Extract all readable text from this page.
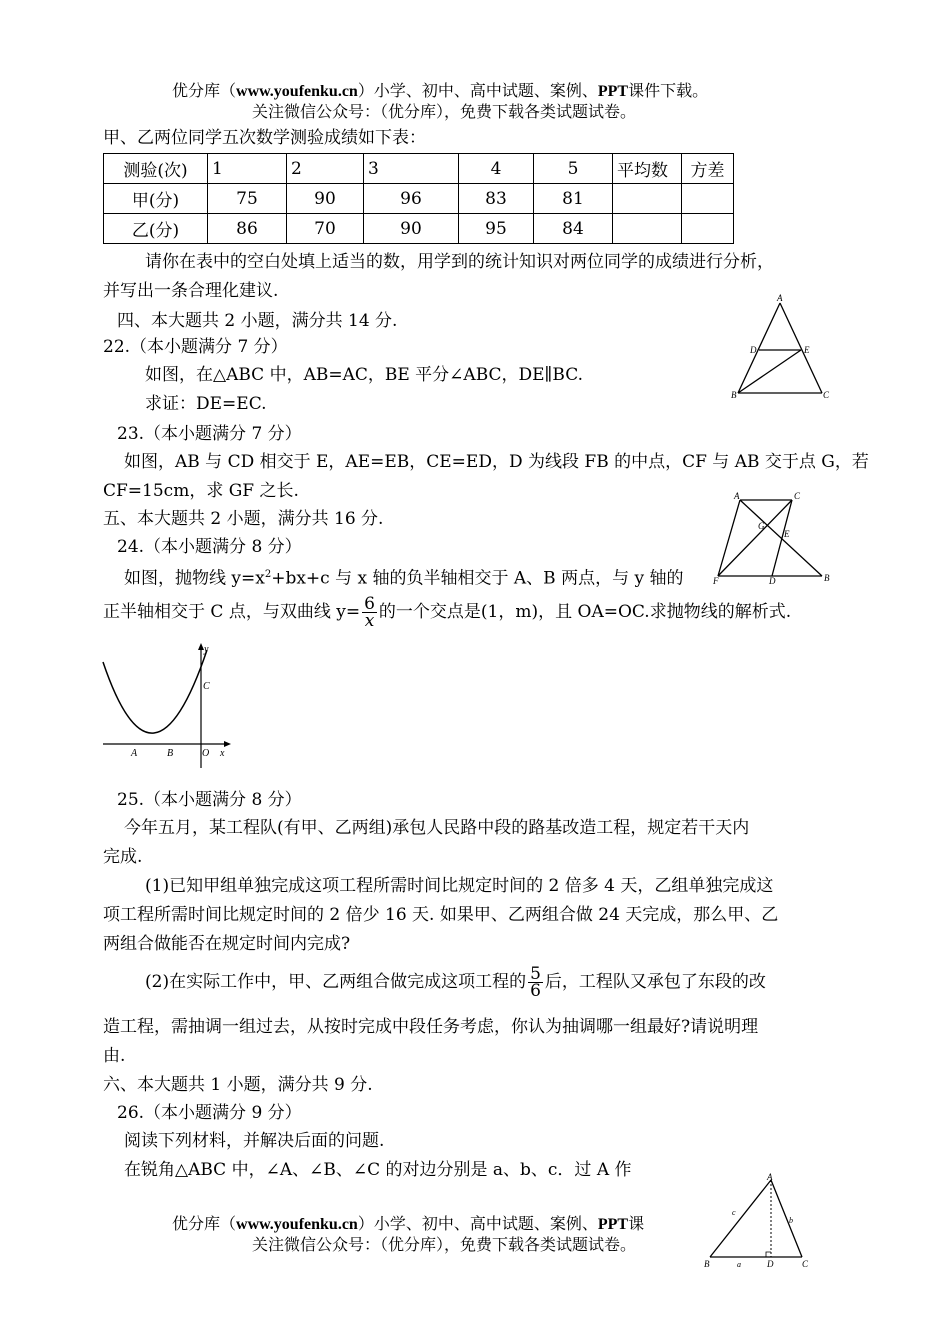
优分库（www.youfenku.cn）小学、初中、高中试题、案例、PPT课件下载。
关注微信公众号：（优分库），免费下载各类试题试卷。
甲、乙两位同学五次数学测验成绩如下表：
测验(次)	1	2	3	4	5	平均数	方差
甲(分)	75	90	96	83	81		
乙(分)	86	70	90	95	84		
请你在表中的空白处填上适当的数，用学到的统计知识对两位同学的成绩进行分析，
并写出一条合理化建议.
四、本大题共 2 小题，满分共 14 分.
22.（本小题满分 7 分）
如图，在△ABC 中，AB=AC，BE 平分∠ABC，DE∥BC.
求证：DE=EC.
A
D	E
B	C
23.（本小题满分 7 分）
如图，AB 与 CD 相交于 E，AE=EB，CE=ED，D 为线段 FB 的中点，CF 与 AB 交于点 G，若
CF=15cm，求 GF 之长.
五、本大题共 2 小题，满分共 16 分.
24.（本小题满分 8 分）
A	C
G
E
F	D	B
如图，抛物线 $y=x^2+bx+c$ 与 x 轴的负半轴相交于 A、B 两点，与 y 轴的
正半轴相交于 C 点，与双曲线 $y= \frac{6}{x}$ 的一个交点是(1，m)，且 OA=OC.求抛物线的解析式.
y
C
A	B	O x
25.（本小题满分 8 分）
今年五月，某工程队(有甲、乙两组)承包人民路中段的路基改造工程，规定若干天内
完成.
(1)已知甲组单独完成这项工程所需时间比规定时间的 2 倍多 4 天，乙组单独完成这
项工程所需时间比规定时间的 2 倍少 16 天. 如果甲、乙两组合做 24 天完成，那么甲、乙
两组合做能否在规定时间内完成?
(2)在实际工作中，甲、乙两组合做完成这项工程的 $\frac{5}{6}$ 后，工程队又承包了东段的改
造工程，需抽调一组过去，从按时完成中段任务考虑，你认为抽调哪一组最好?请说明理
由.
六、本大题共 1 小题，满分共 9 分.
26.（本小题满分 9 分）
阅读下列材料，并解决后面的问题.
在锐角△ABC 中，∠A、∠B、∠C 的对边分别是 a、b、c．过 A 作	A
c
b
B	a	D	C
优分库（www.youfenku.cn）小学、初中、高中试题、案例、PPT课
关注微信公众号：（优分库），免费下载各类试题试卷。
